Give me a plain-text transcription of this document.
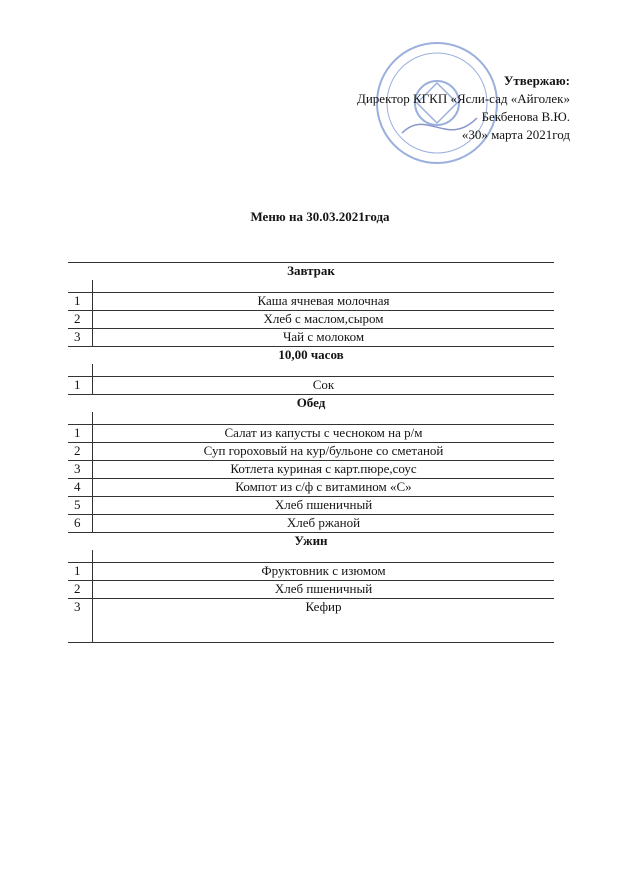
Утвержаю:
Директор КГКП «Ясли-сад «Айголек»
Бекбенова В.Ю.
«30» марта 2021год
Меню на 30.03.2021года
Завтрак	

1	Каша ячневая молочная
2	Хлеб с маслом,сыром
3	Чай с молоком
10,00 часов	

1	Сок
Обед	

1	Салат из капусты с чесноком на р/м
2	Суп гороховый на кур/бульоне со сметаной
3	Котлета куриная с карт.пюре,соус
4	Компот из с/ф с витамином «С»
5	Хлеб пшеничный
6	Хлеб ржаной
Ужин	

1	Фруктовник с изюмом
2	Хлеб пшеничный
3	Кефир
